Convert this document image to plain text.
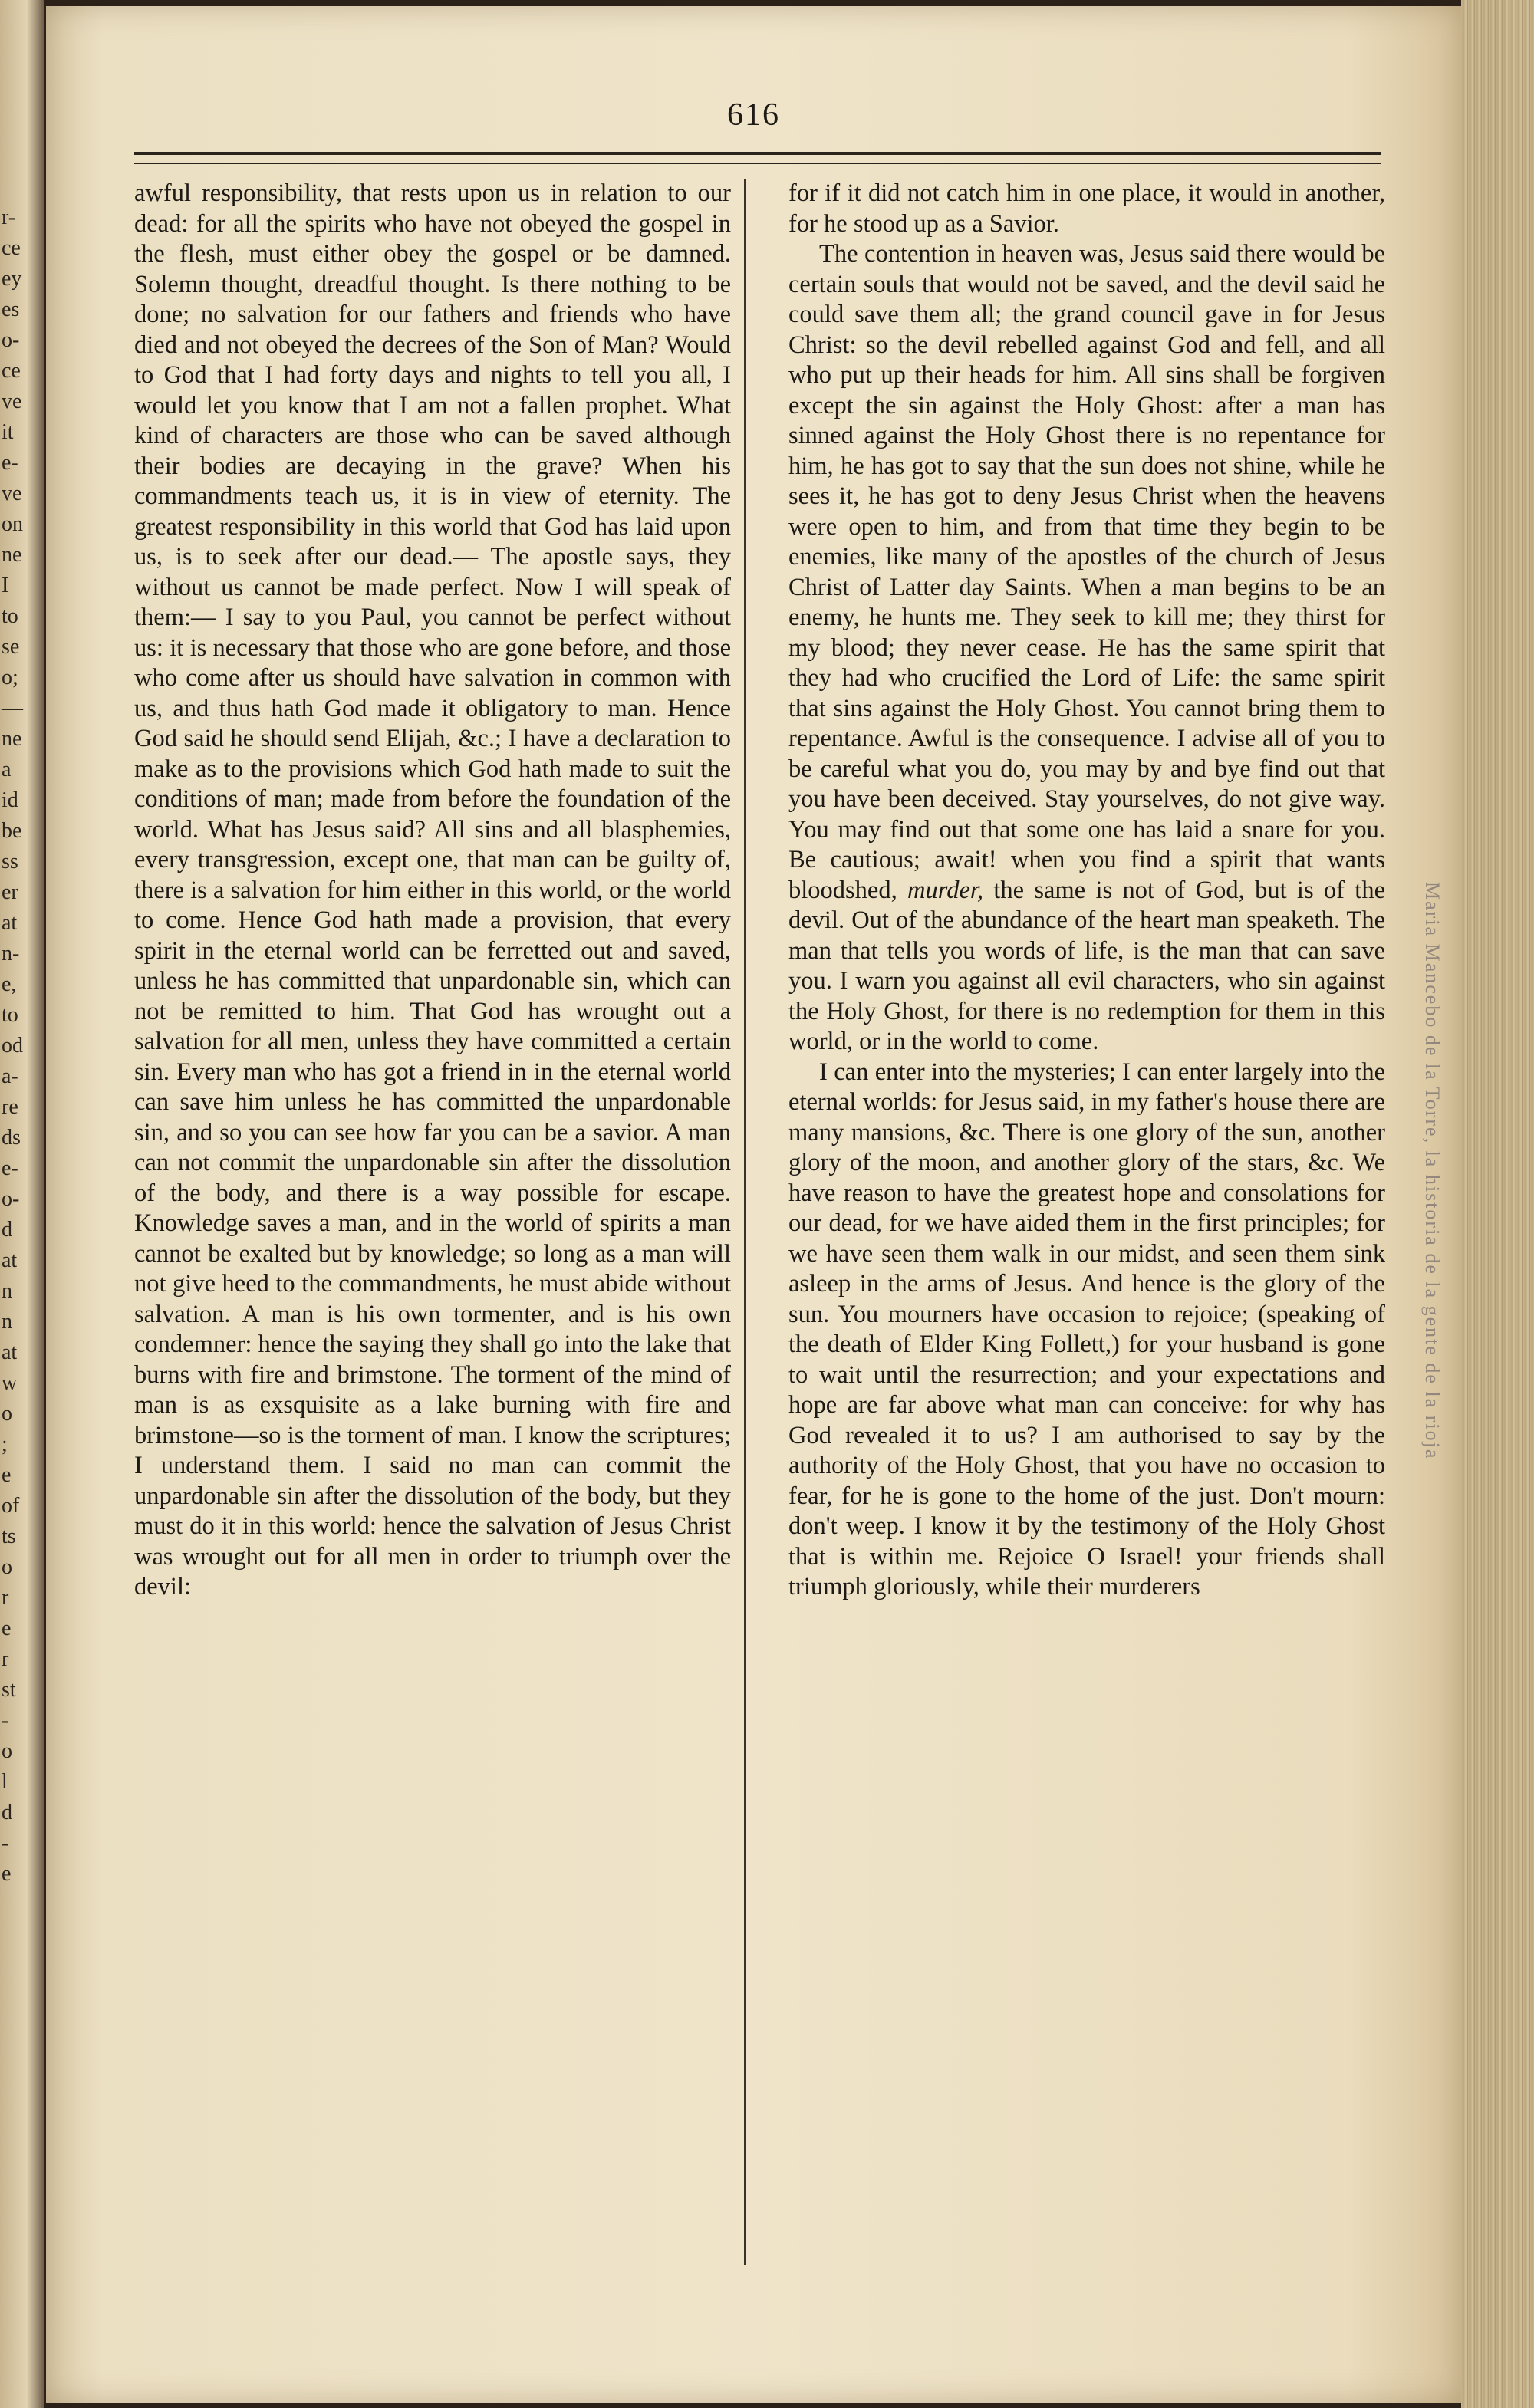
r-
ce
ey
es
o-
ce
ve
it
e-
ve
on
ne
I
to
se
o;
—
ne
a
id
be
ss
er
at
n-
e,
to
od
a-
re
ds
e-
o-
d
at
n
n
at
w
o
;
e
of
ts
o
r
e
r
st
-
o
l
d
-
e
616

awful responsibility, that rests upon us in relation to our dead: for all the spirits who have not obeyed the gospel in the flesh, must either obey the gospel or be damned. Solemn thought, dreadful thought. Is there nothing to be done; no salvation for our fathers and friends who have died and not obeyed the decrees of the Son of Man? Would to God that I had forty days and nights to tell you all, I would let you know that I am not a fallen prophet. What kind of characters are those who can be saved although their bodies are decaying in the grave? When his commandments teach us, it is in view of eternity. The greatest responsibility in this world that God has laid upon us, is to seek after our dead.— The apostle says, they without us cannot be made perfect. Now I will speak of them:— I say to you Paul, you cannot be perfect without us: it is necessary that those who are gone before, and those who come after us should have salvation in common with us, and thus hath God made it obligatory to man. Hence God said he should send Elijah, &c.; I have a declaration to make as to the provisions which God hath made to suit the conditions of man; made from before the foundation of the world. What has Jesus said? All sins and all blasphemies, every transgression, except one, that man can be guilty of, there is a salvation for him either in this world, or the world to come. Hence God hath made a provision, that every spirit in the eternal world can be ferretted out and saved, unless he has committed that unpardonable sin, which can not be remitted to him. That God has wrought out a salvation for all men, unless they have committed a certain sin. Every man who has got a friend in in the eternal world can save him unless he has committed the unpardonable sin, and so you can see how far you can be a savior. A man can not commit the unpardonable sin after the dissolution of the body, and there is a way possible for escape. Knowledge saves a man, and in the world of spirits a man cannot be exalted but by knowledge; so long as a man will not give heed to the commandments, he must abide without salvation. A man is his own tormenter, and is his own condemner: hence the saying they shall go into the lake that burns with fire and brimstone. The torment of the mind of man is as exsquisite as a lake burning with fire and brimstone—so is the torment of man. I know the scriptures; I understand them. I said no man can commit the unpardonable sin after the dissolution of the body, but they must do it in this world: hence the salvation of Jesus Christ was wrought out for all men in order to triumph over the devil:

for if it did not catch him in one place, it would in another, for he stood up as a Savior.

The contention in heaven was, Jesus said there would be certain souls that would not be saved, and the devil said he could save them all; the grand council gave in for Jesus Christ: so the devil rebelled against God and fell, and all who put up their heads for him. All sins shall be forgiven except the sin against the Holy Ghost: after a man has sinned against the Holy Ghost there is no repentance for him, he has got to say that the sun does not shine, while he sees it, he has got to deny Jesus Christ when the heavens were open to him, and from that time they begin to be enemies, like many of the apostles of the church of Jesus Christ of Latter day Saints. When a man begins to be an enemy, he hunts me. They seek to kill me; they thirst for my blood; they never cease. He has the same spirit that they had who crucified the Lord of Life: the same spirit that sins against the Holy Ghost. You cannot bring them to repentance. Awful is the consequence. I advise all of you to be careful what you do, you may by and bye find out that you have been deceived. Stay yourselves, do not give way. You may find out that some one has laid a snare for you. Be cautious; await! when you find a spirit that wants bloodshed, murder, the same is not of God, but is of the devil. Out of the abundance of the heart man speaketh. The man that tells you words of life, is the man that can save you. I warn you against all evil characters, who sin against the Holy Ghost, for there is no redemption for them in this world, or in the world to come.

I can enter into the mysteries; I can enter largely into the eternal worlds: for Jesus said, in my father's house there are many mansions, &c. There is one glory of the sun, another glory of the moon, and another glory of the stars, &c. We have reason to have the greatest hope and consolations for our dead, for we have aided them in the first principles; for we have seen them walk in our midst, and seen them sink asleep in the arms of Jesus. And hence is the glory of the sun. You mourners have occasion to rejoice; (speaking of the death of Elder King Follett,) for your husband is gone to wait until the resurrection; and your expectations and hope are far above what man can conceive: for why has God revealed it to us? I am authorised to say by the authority of the Holy Ghost, that you have no occasion to fear, for he is gone to the home of the just. Don't mourn: don't weep. I know it by the testimony of the Holy Ghost that is within me. Rejoice O Israel! your friends shall triumph gloriously, while their murderers

Maria Mancebo de la Torre, la historia de la gente de la rioja
